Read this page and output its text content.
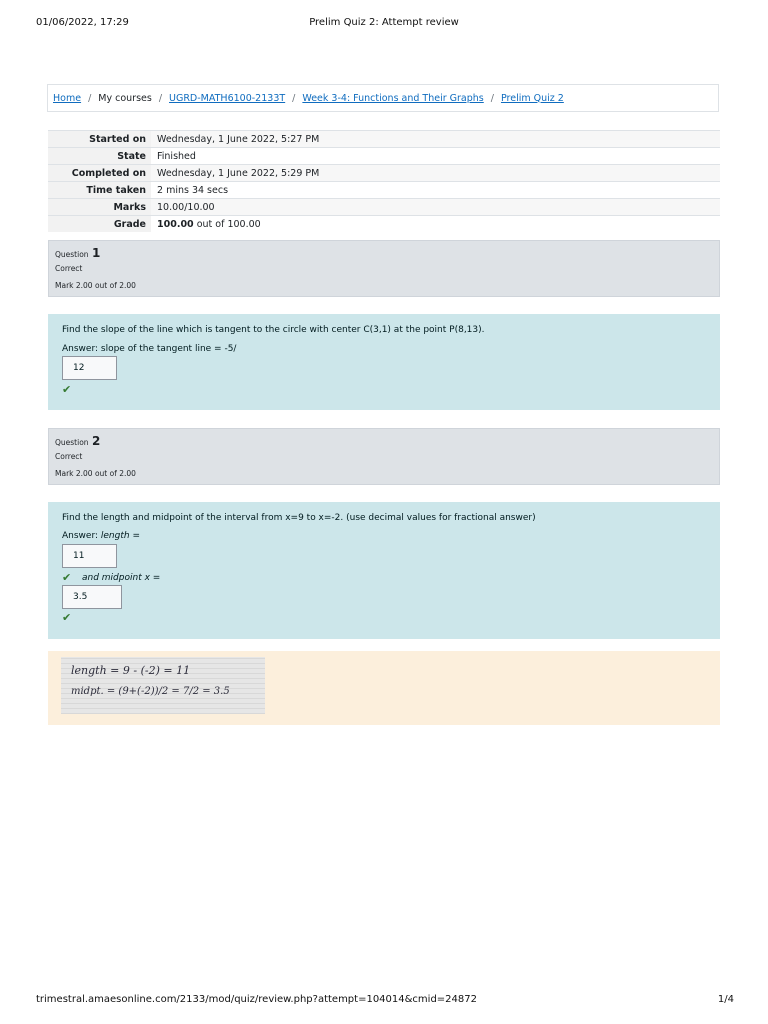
01/06/2022, 17:29	Prelim Quiz 2: Attempt review
Home / My courses / UGRD-MATH6100-2133T / Week 3-4: Functions and Their Graphs / Prelim Quiz 2
Started on	Wednesday, 1 June 2022, 5:27 PM
State	Finished
Completed on	Wednesday, 1 June 2022, 5:29 PM
Time taken	2 mins 34 secs
Marks	10.00/10.00
Grade	100.00 out of 100.00
Question 1
Correct
Mark 2.00 out of 2.00
Find the slope of the line which is tangent to the circle with center C(3,1) at the point P(8,13).
Answer: slope of the tangent line = -5/
12
✔
Question 2
Correct
Mark 2.00 out of 2.00
Find the length and midpoint of the interval from x=9 to x=-2. (use decimal values for fractional answer)
Answer: length =
11
✔ and midpoint x =
3.5
✔
length = 9 - (-2) = 11
midpt. = (9+(-2))/2 = 7/2 = 3.5
trimestral.amaesonline.com/2133/mod/quiz/review.php?attempt=104014&cmid=24872	1/4
